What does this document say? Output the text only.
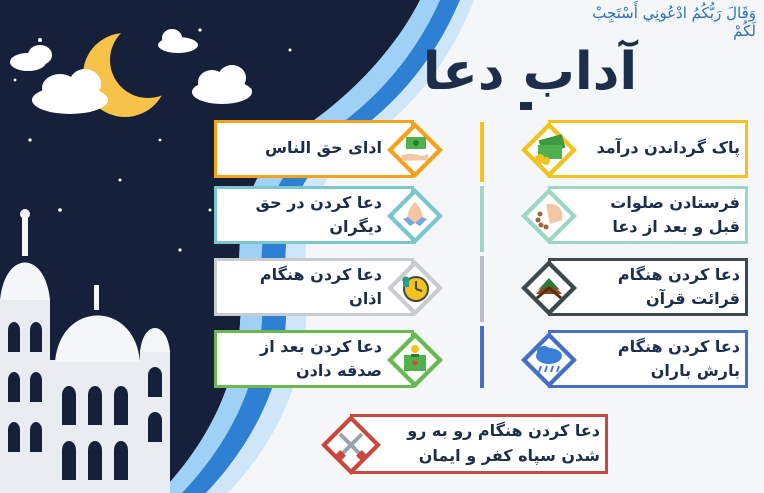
وَقَالَ رَبُّکُمُ ادْعُونِي أَسْتَجِبْ لَکُمْ
آداب دعا
پاک گرداندن درآمد
فرستادن صلوات
قبل و بعد از دعا
دعا کردن هنگام
قرائت قرآن
دعا کردن هنگام
بارش باران
ادای حق الناس
دعا کردن در حق
دیگران
دعا کردن هنگام
اذان
دعا کردن بعد از
صدقه دادن
دعا کردن هنگام رو به رو
شدن سپاه کفر و ایمان
